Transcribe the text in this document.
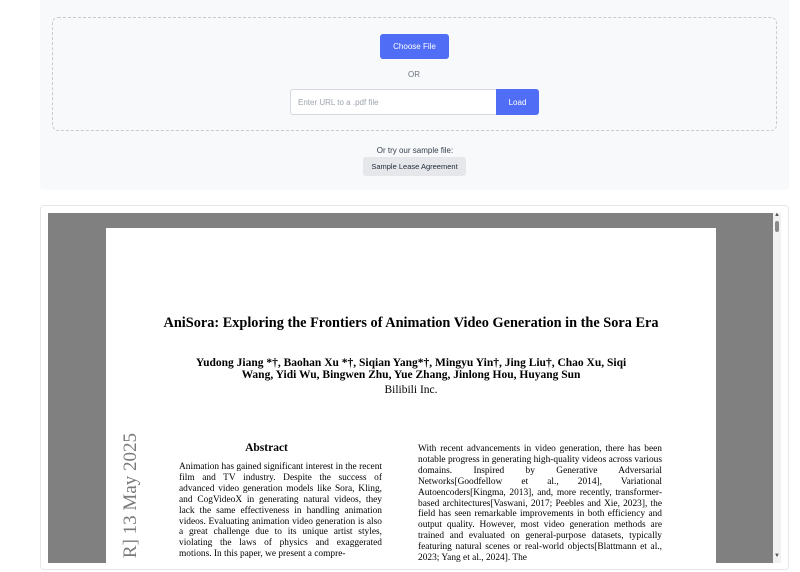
Choose File
OR
Enter URL to a .pdf file	Load
Or try our sample file:
Sample Lease Agreement
AniSora: Exploring the Frontiers of Animation Video Generation in the Sora Era
Yudong Jiang *†, Baohan Xu *†, Siqian Yang*†, Mingyu Yin†, Jing Liu†, Chao Xu, Siqi
Wang, Yidi Wu, Bingwen Zhu, Yue Zhang, Jinlong Hou, Huyang Sun
Bilibili Inc.
R] 13 May 2025	Abstract
Animation has gained significant interest in the recent film and TV industry. Despite the success of advanced video generation models like Sora, Kling, and CogVideoX in generating natural videos, they lack the same effectiveness in handling animation videos. Evaluating animation video generation is also a great challenge due to its unique artist styles, violating the laws of physics and exaggerated motions. In this paper, we present a compre-
With recent advancements in video generation, there has been notable progress in generating high-quality videos across various domains. Inspired by Generative Adversarial Networks[Goodfellow et al., 2014], Variational Autoencoders[Kingma, 2013], and, more recently, transformer-based architectures[Vaswani, 2017; Peebles and Xie, 2023], the field has seen remarkable improvements in both efficiency and output quality. However, most video generation methods are trained and evaluated on general-purpose datasets, typically featuring natural scenes or real-world objects[Blattmann et al., 2023; Yang et al., 2024]. The
▲
▼
